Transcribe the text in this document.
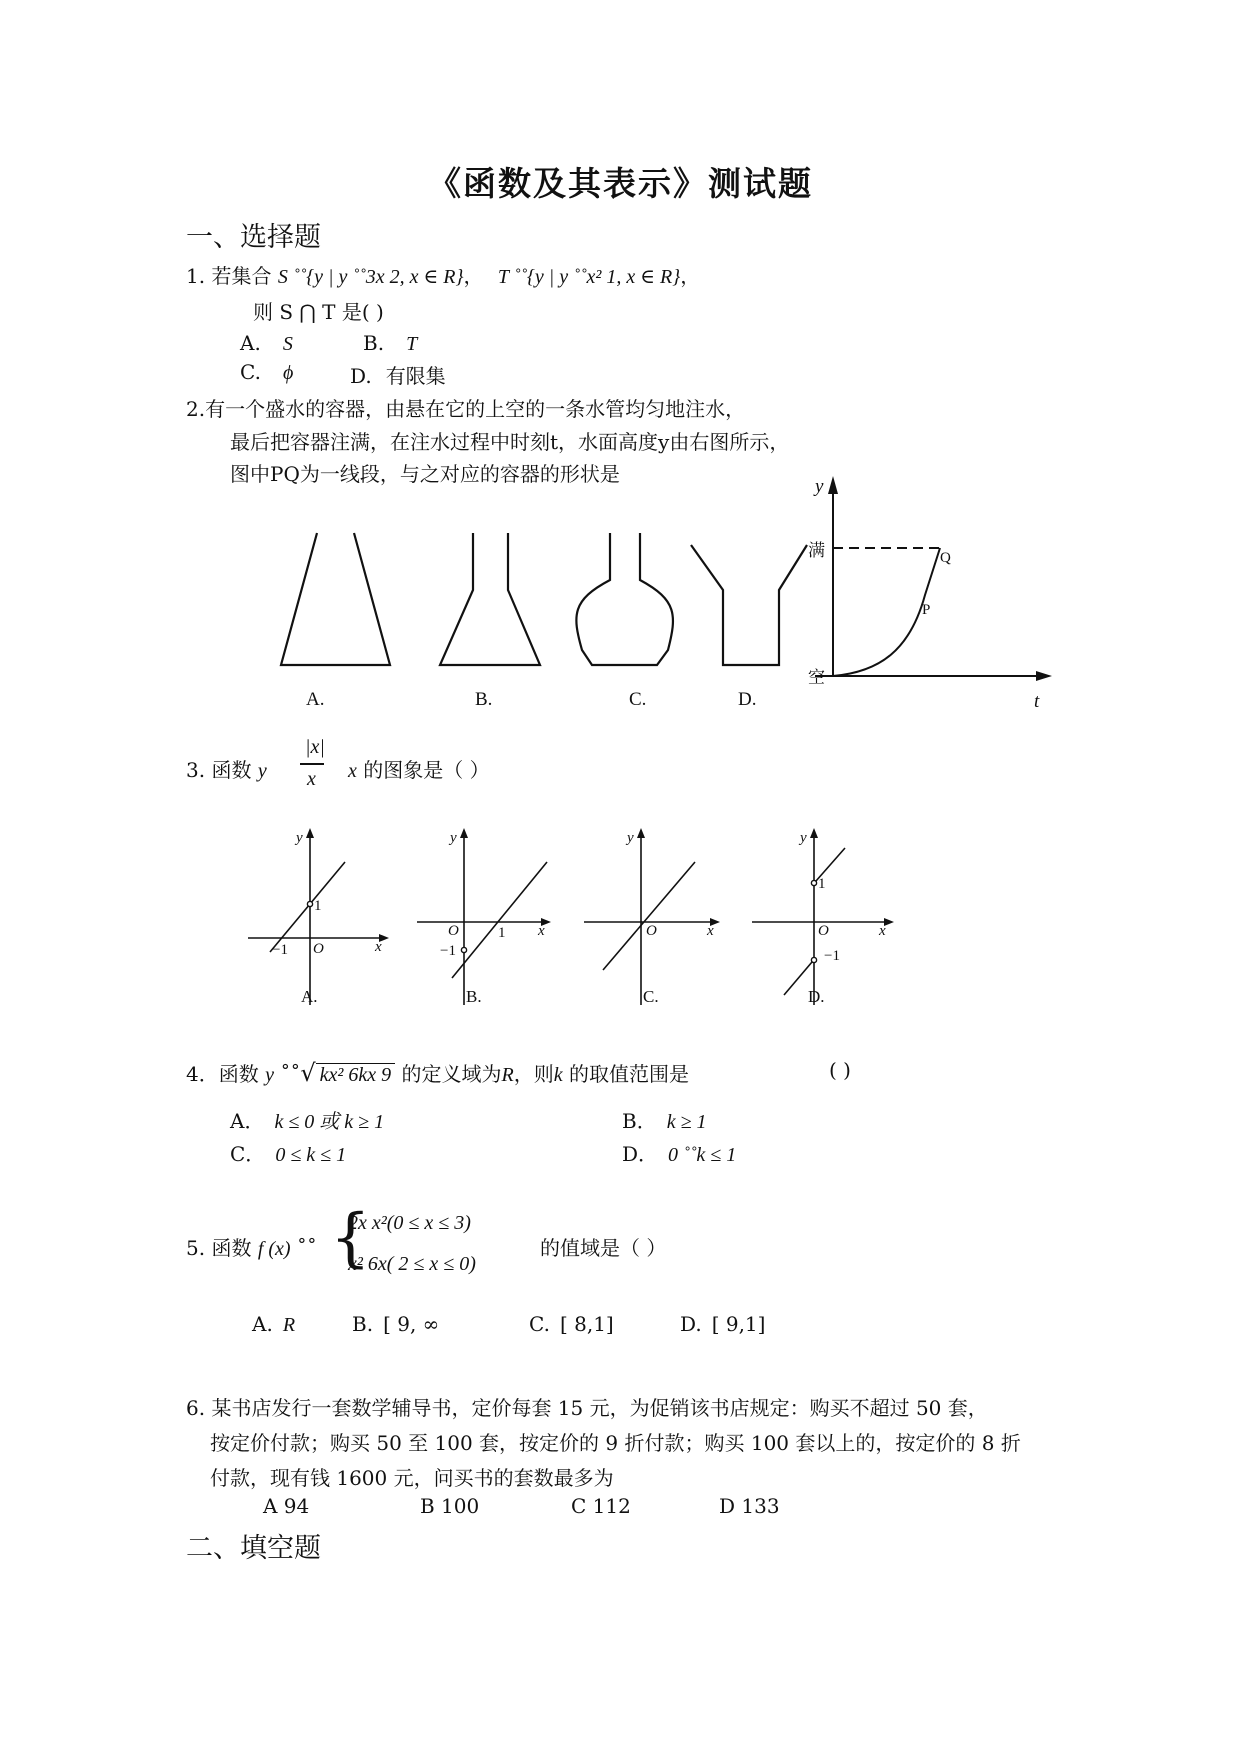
《函数及其表示》测试题
一、选择题
1. 若集合 S ˚˚{y | y ˚˚3x 2, x ∈ R}， T ˚˚{y | y ˚˚x² 1, x ∈ R}，
则 S ⋂ T 是( )
A. S	B. T
C. ϕ	D. 有限集
2.有一个盛水的容器，由悬在它的上空的一条水管均匀地注水，
最后把容器注满，在注水过程中时刻t，水面高度y由右图所示，
图中PQ为一线段，与之对应的容器的形状是
A.	B.	C.	D.
y
t
满
空
P
Q
3. 函数 y
|x|
x x 的图象是（ ）
y
x
O
1
−1
A.
y
x
O	1
−1
B.
y
x
O
C.
y
x
O
1
−1
D.
4．函数 y ˚˚√ kx² 6kx 9 的定义域为R，则k 的取值范围是	( )
A． k ≤ 0 或 k ≥ 1	B． k ≥ 1
C． 0 ≤ k ≤ 1	D． 0 ˚˚k ≤ 1
5. 函数 f (x) ˚˚ {
2x x²(0 ≤ x ≤ 3)
x² 6x( 2 ≤ x ≤ 0)
的值域是（ ）
A. R	B. [ 9, ∞	C. [ 8,1]	D. [ 9,1]
6. 某书店发行一套数学辅导书，定价每套 15 元，为促销该书店规定：购买不超过 50 套，
按定价付款；购买 50 至 100 套，按定价的 9 折付款；购买 100 套以上的，按定价的 8 折
付款，现有钱 1600 元，问买书的套数最多为
A 94	B 100	C 112	D 133
二、填空题
